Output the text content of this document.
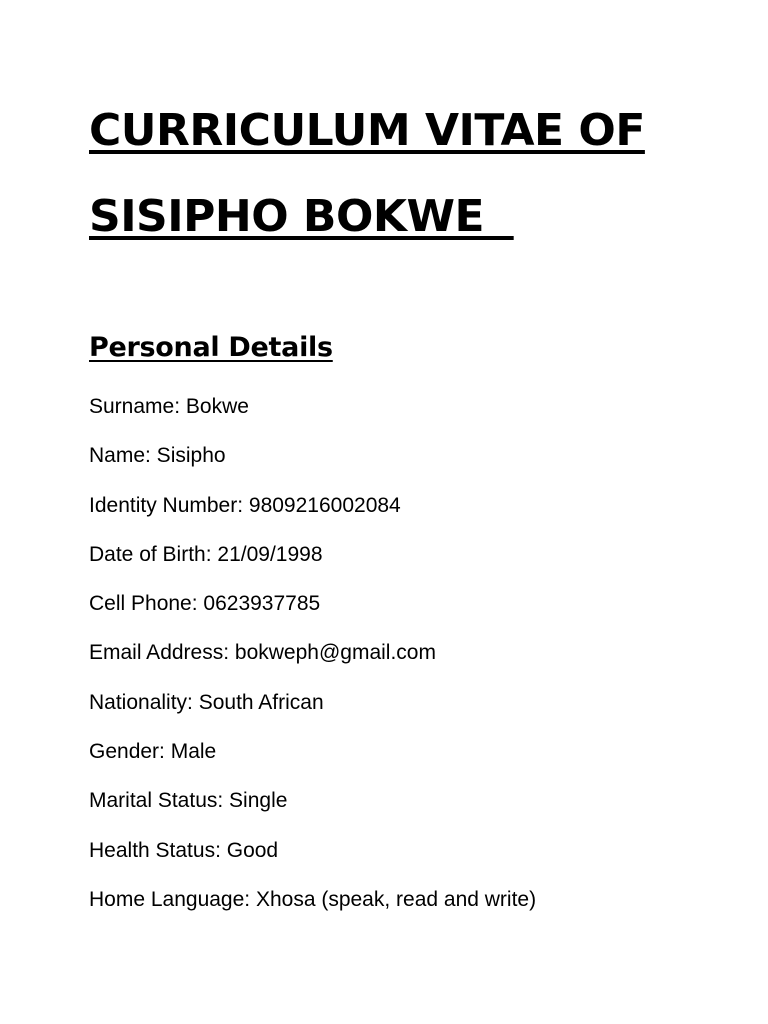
CURRICULUM VITAE OF
SISIPHO BOKWE
Personal Details
Surname: Bokwe
Name: Sisipho
Identity Number: 9809216002084
Date of Birth: 21/09/1998
Cell Phone: 0623937785
Email Address: bokweph@gmail.com
Nationality: South African
Gender: Male
Marital Status: Single
Health Status: Good
Home Language: Xhosa (speak, read and write)
